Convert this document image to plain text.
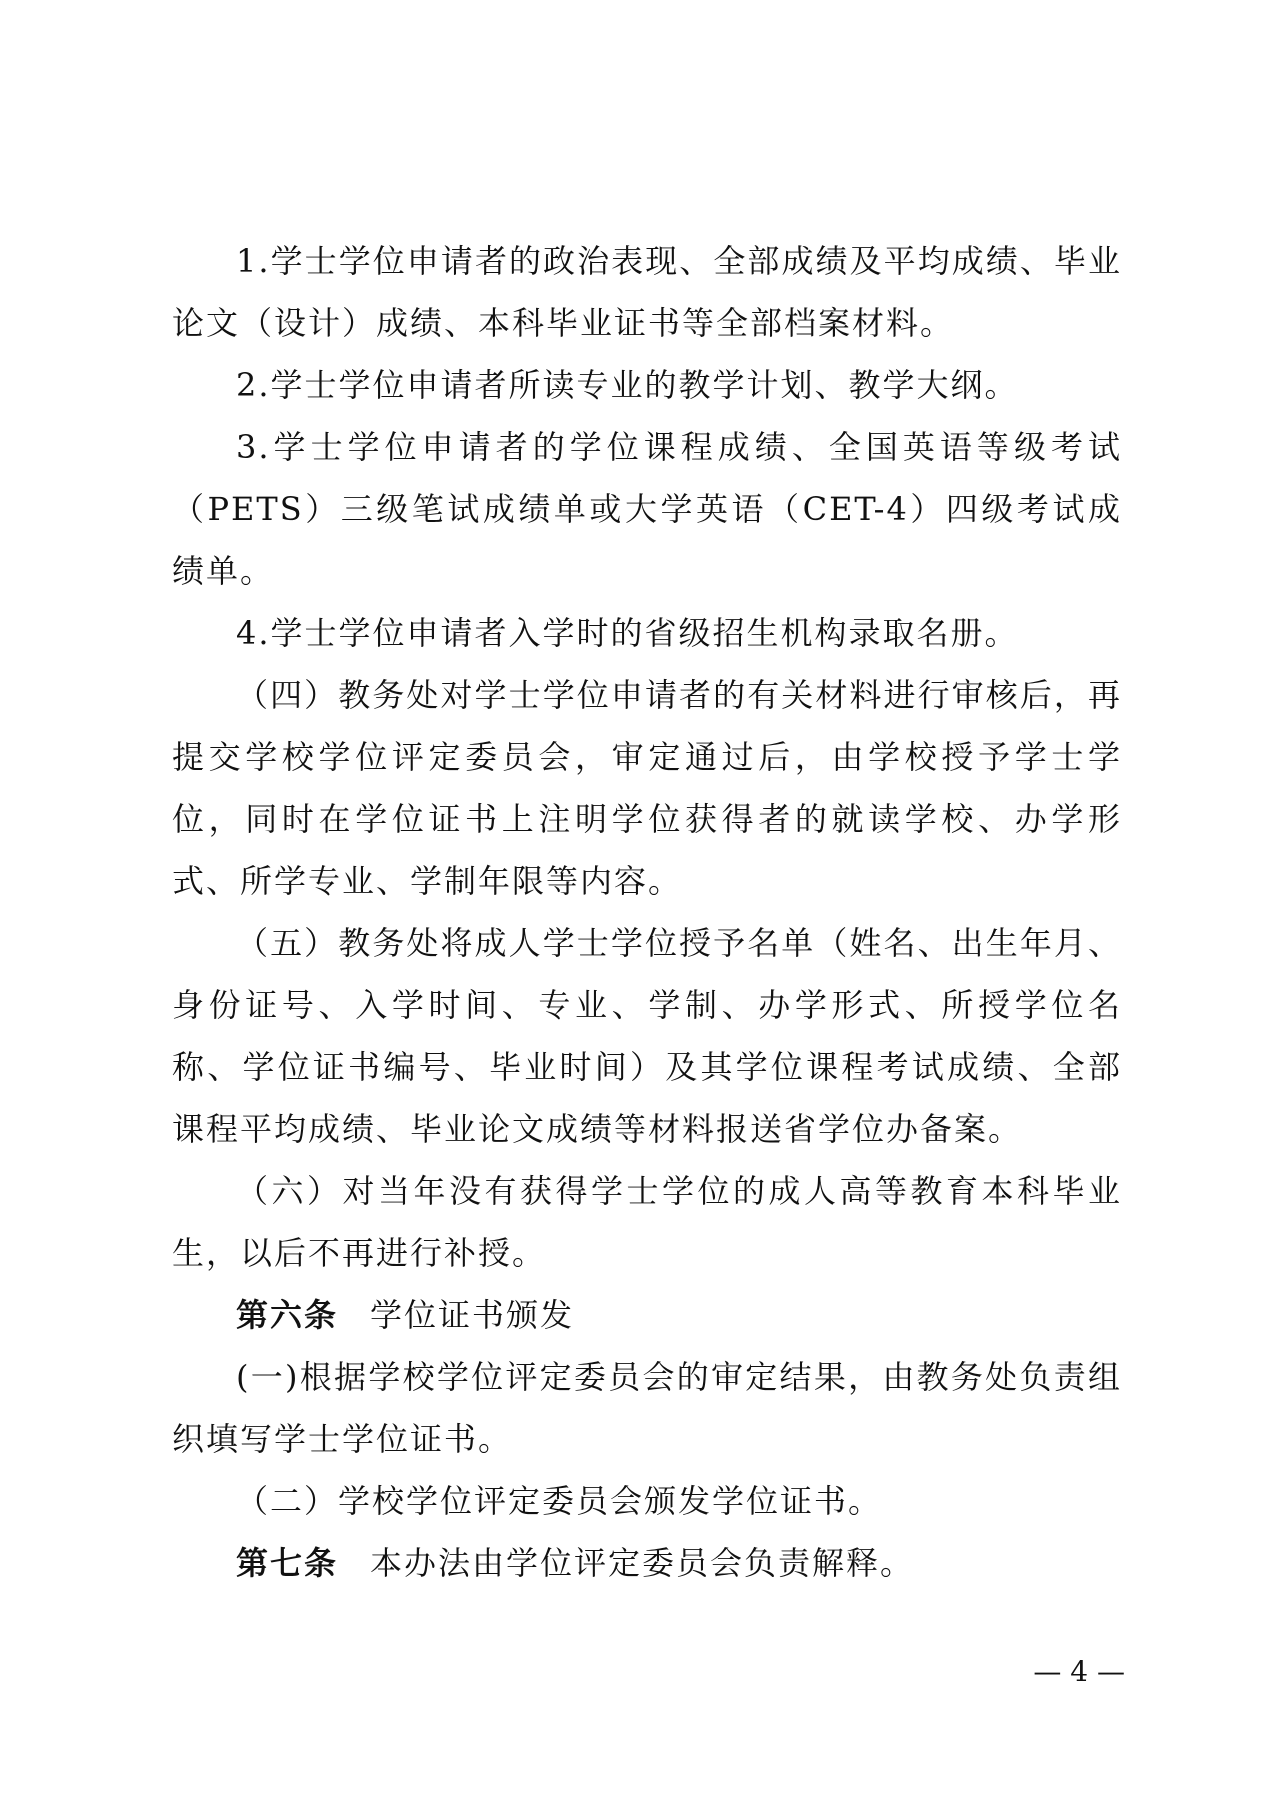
1.学士学位申请者的政治表现、全部成绩及平均成绩、毕业论文（设计）成绩、本科毕业证书等全部档案材料。

2.学士学位申请者所读专业的教学计划、教学大纲。

3.学士学位申请者的学位课程成绩、全国英语等级考试（PETS）三级笔试成绩单或大学英语（CET-4）四级考试成绩单。

4.学士学位申请者入学时的省级招生机构录取名册。

（四）教务处对学士学位申请者的有关材料进行审核后，再提交学校学位评定委员会，审定通过后，由学校授予学士学位，同时在学位证书上注明学位获得者的就读学校、办学形式、所学专业、学制年限等内容。

（五）教务处将成人学士学位授予名单（姓名、出生年月、身份证号、入学时间、专业、学制、办学形式、所授学位名称、学位证书编号、毕业时间）及其学位课程考试成绩、全部课程平均成绩、毕业论文成绩等材料报送省学位办备案。

（六）对当年没有获得学士学位的成人高等教育本科毕业生，以后不再进行补授。

第六条 学位证书颁发

(一)根据学校学位评定委员会的审定结果，由教务处负责组织填写学士学位证书。

（二）学校学位评定委员会颁发学位证书。

第七条 本办法由学位评定委员会负责解释。

— 4 —
